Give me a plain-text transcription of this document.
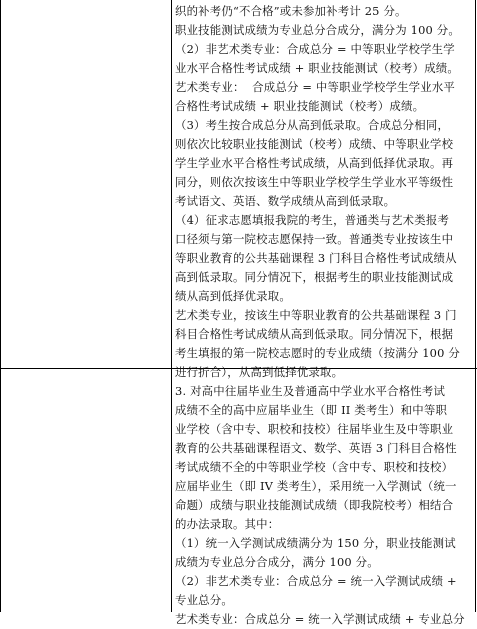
织的补考仍“不合格”或未参加补考计 25 分。
职业技能测试成绩为专业总分合成分，满分为 100 分。
（2）非艺术类专业：合成总分 = 中等职业学校学生学
业水平合格性考试成绩 + 职业技能测试（校考）成绩。
艺术类专业：  合成总分 = 中等职业学校学生学业水平
合格性考试成绩 + 职业技能测试（校考）成绩。
（3）考生按合成总分从高到低录取。合成总分相同，
则依次比较职业技能测试（校考）成绩、中等职业学校
学生学业水平合格性考试成绩，从高到低择优录取。再
同分，则依次按该生中等职业学校学生学业水平等级性
考试语文、英语、数学成绩从高到低录取。
（4）征求志愿填报我院的考生，普通类与艺术类报考
口径须与第一院校志愿保持一致。普通类专业按该生中
等职业教育的公共基础课程 3 门科目合格性考试成绩从
高到低录取。同分情况下，根据考生的职业技能测试成
绩从高到低择优录取。
艺术类专业，按该生中等职业教育的公共基础课程 3 门
科目合格性考试成绩从高到低录取。同分情况下，根据
考生填报的第一院校志愿时的专业成绩（按满分 100 分
进行折合），从高到低择优录取。
3. 对高中往届毕业生及普通高中学业水平合格性考试
成绩不全的高中应届毕业生（即 II 类考生）和中等职
业学校（含中专、职校和技校）往届毕业生及中等职业
教育的公共基础课程语文、数学、英语 3 门科目合格性
考试成绩不全的中等职业学校（含中专、职校和技校）
应届毕业生（即 IV 类考生），采用统一入学测试（统一
命题）成绩与职业技能测试成绩（即我院校考）相结合
的办法录取。其中：
（1）统一入学测试成绩满分为 150 分，职业技能测试
成绩为专业总分合成分，满分 100 分。
（2）非艺术类专业：合成总分 = 统一入学测试成绩 +
专业总分。
艺术类专业：合成总分 = 统一入学测试成绩 + 专业总分
